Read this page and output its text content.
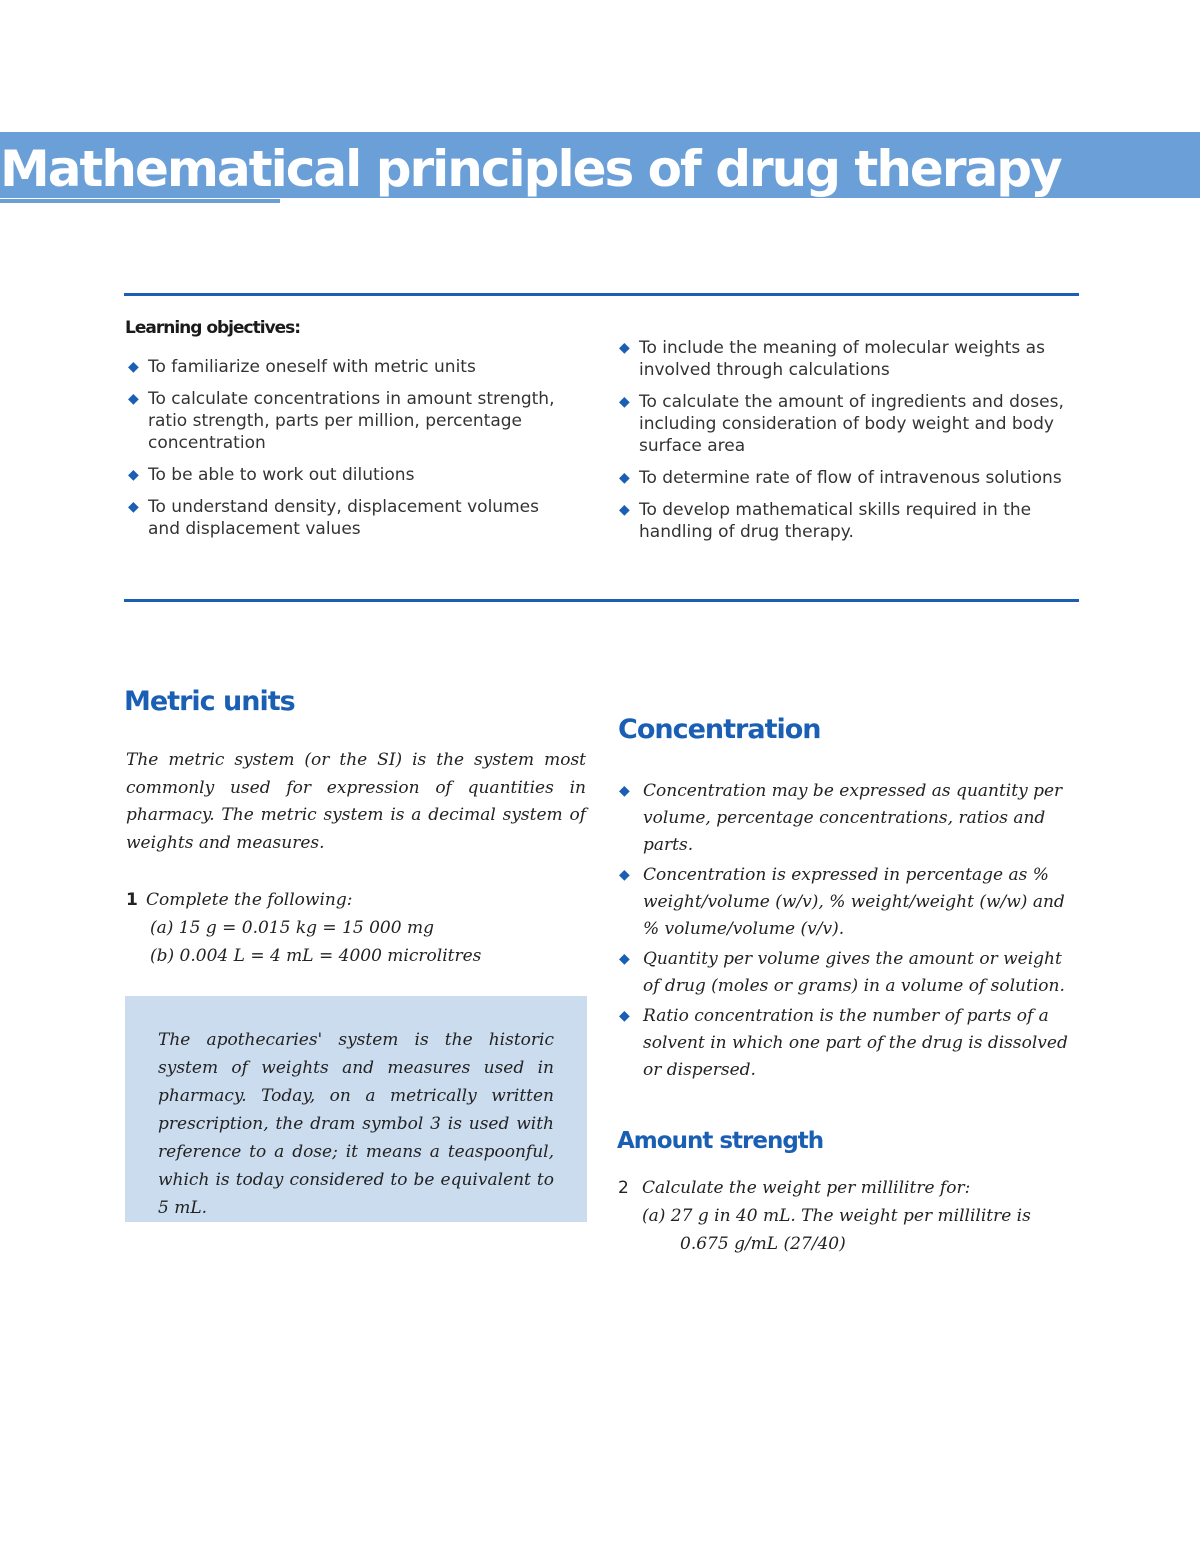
Mathematical principles of drug therapy
Learning objectives:
◆ To familiarize oneself with metric units
◆ To calculate concentrations in amount strength, ratio strength, parts per million, percentage concentration
◆ To be able to work out dilutions
◆ To understand density, displacement volumes and displacement values
◆ To include the meaning of molecular weights as involved through calculations
◆ To calculate the amount of ingredients and doses, including consideration of body weight and body surface area
◆ To determine rate of flow of intravenous solutions
◆ To develop mathematical skills required in the handling of drug therapy.
Metric units

The metric system (or the SI) is the system most commonly used for expression of quantities in pharmacy. The metric system is a decimal system of weights and measures.

1 Complete the following:
(a) 15 g = 0.015 kg = 15 000 mg
(b) 0.004 L = 4 mL = 4000 microlitres

The apothecaries' system is the historic system of weights and measures used in pharmacy. Today, on a metrically written prescription, the dram symbol 3 is used with reference to a dose; it means a teaspoonful, which is today considered to be equivalent to 5 mL.

Concentration
◆ Concentration may be expressed as quantity per volume, percentage concentrations, ratios and parts.
◆ Concentration is expressed in percentage as % weight/volume (w/v), % weight/weight (w/w) and % volume/volume (v/v).
◆ Quantity per volume gives the amount or weight of drug (moles or grams) in a volume of solution.
◆ Ratio concentration is the number of parts of a solvent in which one part of the drug is dissolved or dispersed.
Amount strength
2 Calculate the weight per millilitre for:
(a) 27 g in 40 mL. The weight per millilitre is
0.675 g/mL (27/40)
